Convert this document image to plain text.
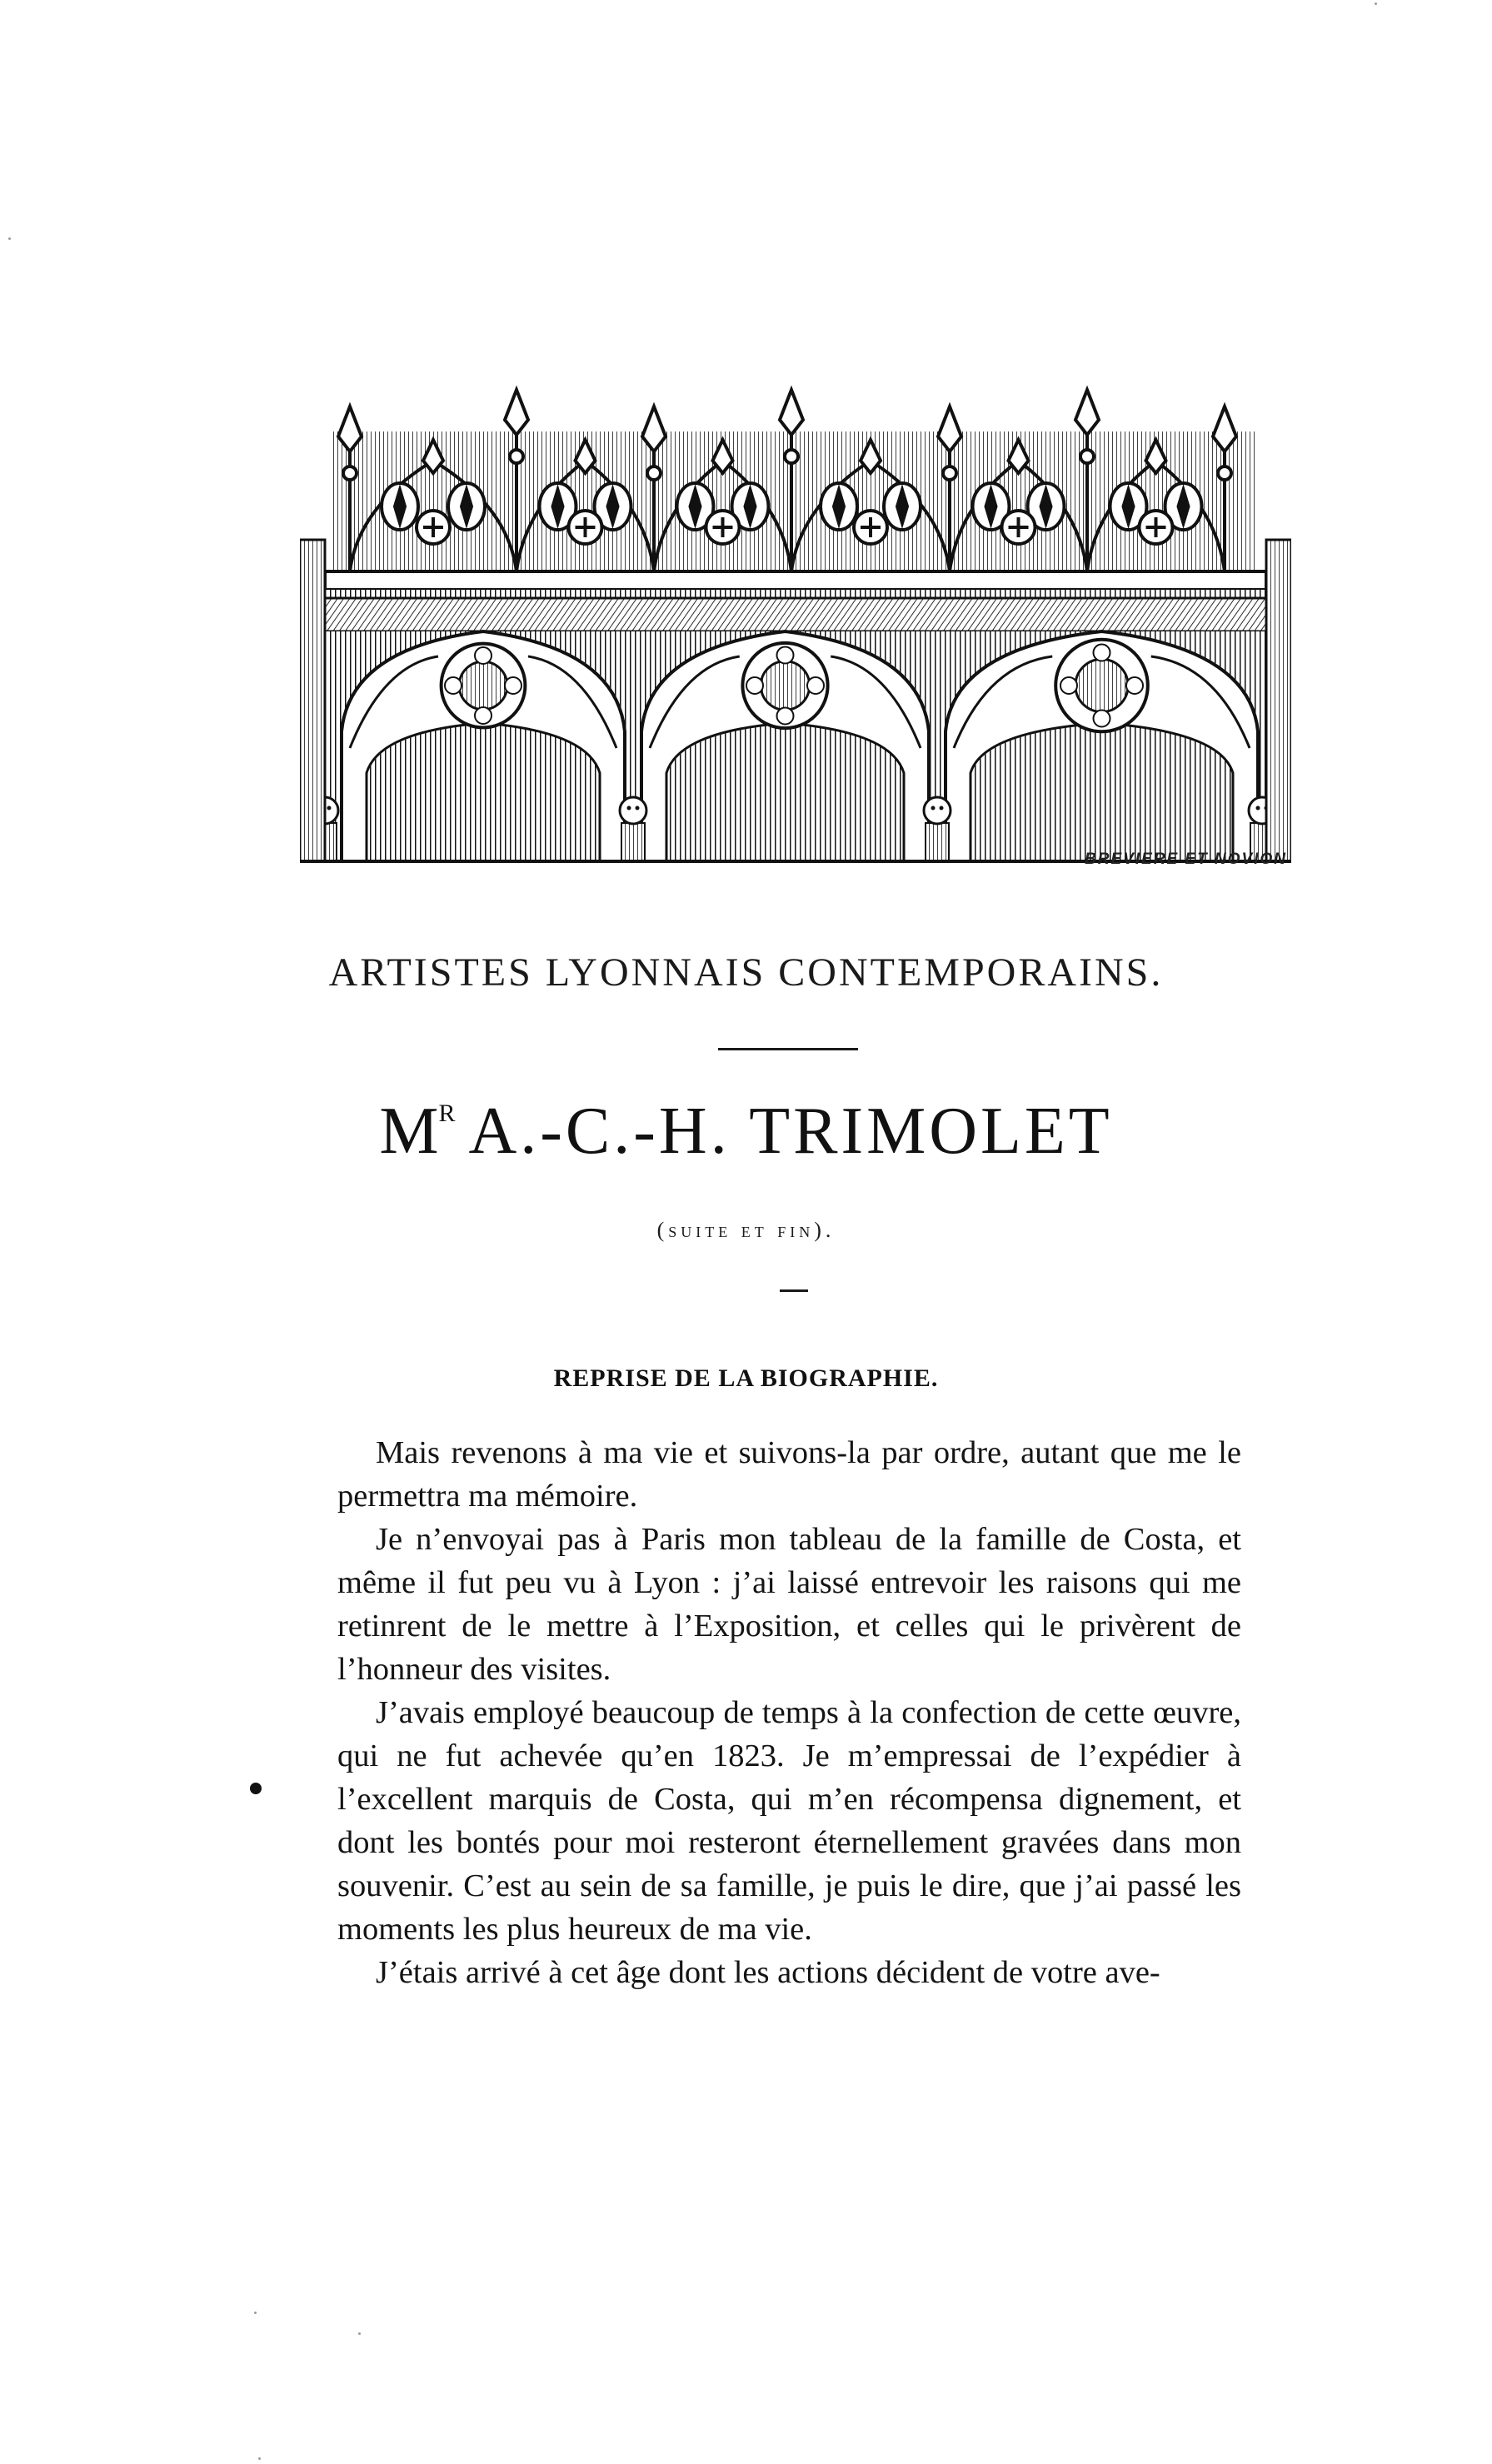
BREVIERE ET NOVION
ARTISTES LYONNAIS CONTEMPORAINS.
$M^R$ A.-C.-H. TRIMOLET
(suite et fin).
REPRISE DE LA BIOGRAPHIE.

Mais revenons à ma vie et suivons-la par ordre, autant que me le permettra ma mémoire.

Je n’envoyai pas à Paris mon tableau de la famille de Costa, et même il fut peu vu à Lyon : j’ai laissé entrevoir les raisons qui me retinrent de le mettre à l’Exposition, et celles qui le privèrent de l’honneur des visites.

J’avais employé beaucoup de temps à la confection de cette œuvre, qui ne fut achevée qu’en 1823. Je m’empressai de l’expédier à l’excellent marquis de Costa, qui m’en récompensa dignement, et dont les bontés pour moi resteront éternellement gravées dans mon souvenir. C’est au sein de sa famille, je puis le dire, que j’ai passé les moments les plus heureux de ma vie.

J’étais arrivé à cet âge dont les actions décident de votre ave-
